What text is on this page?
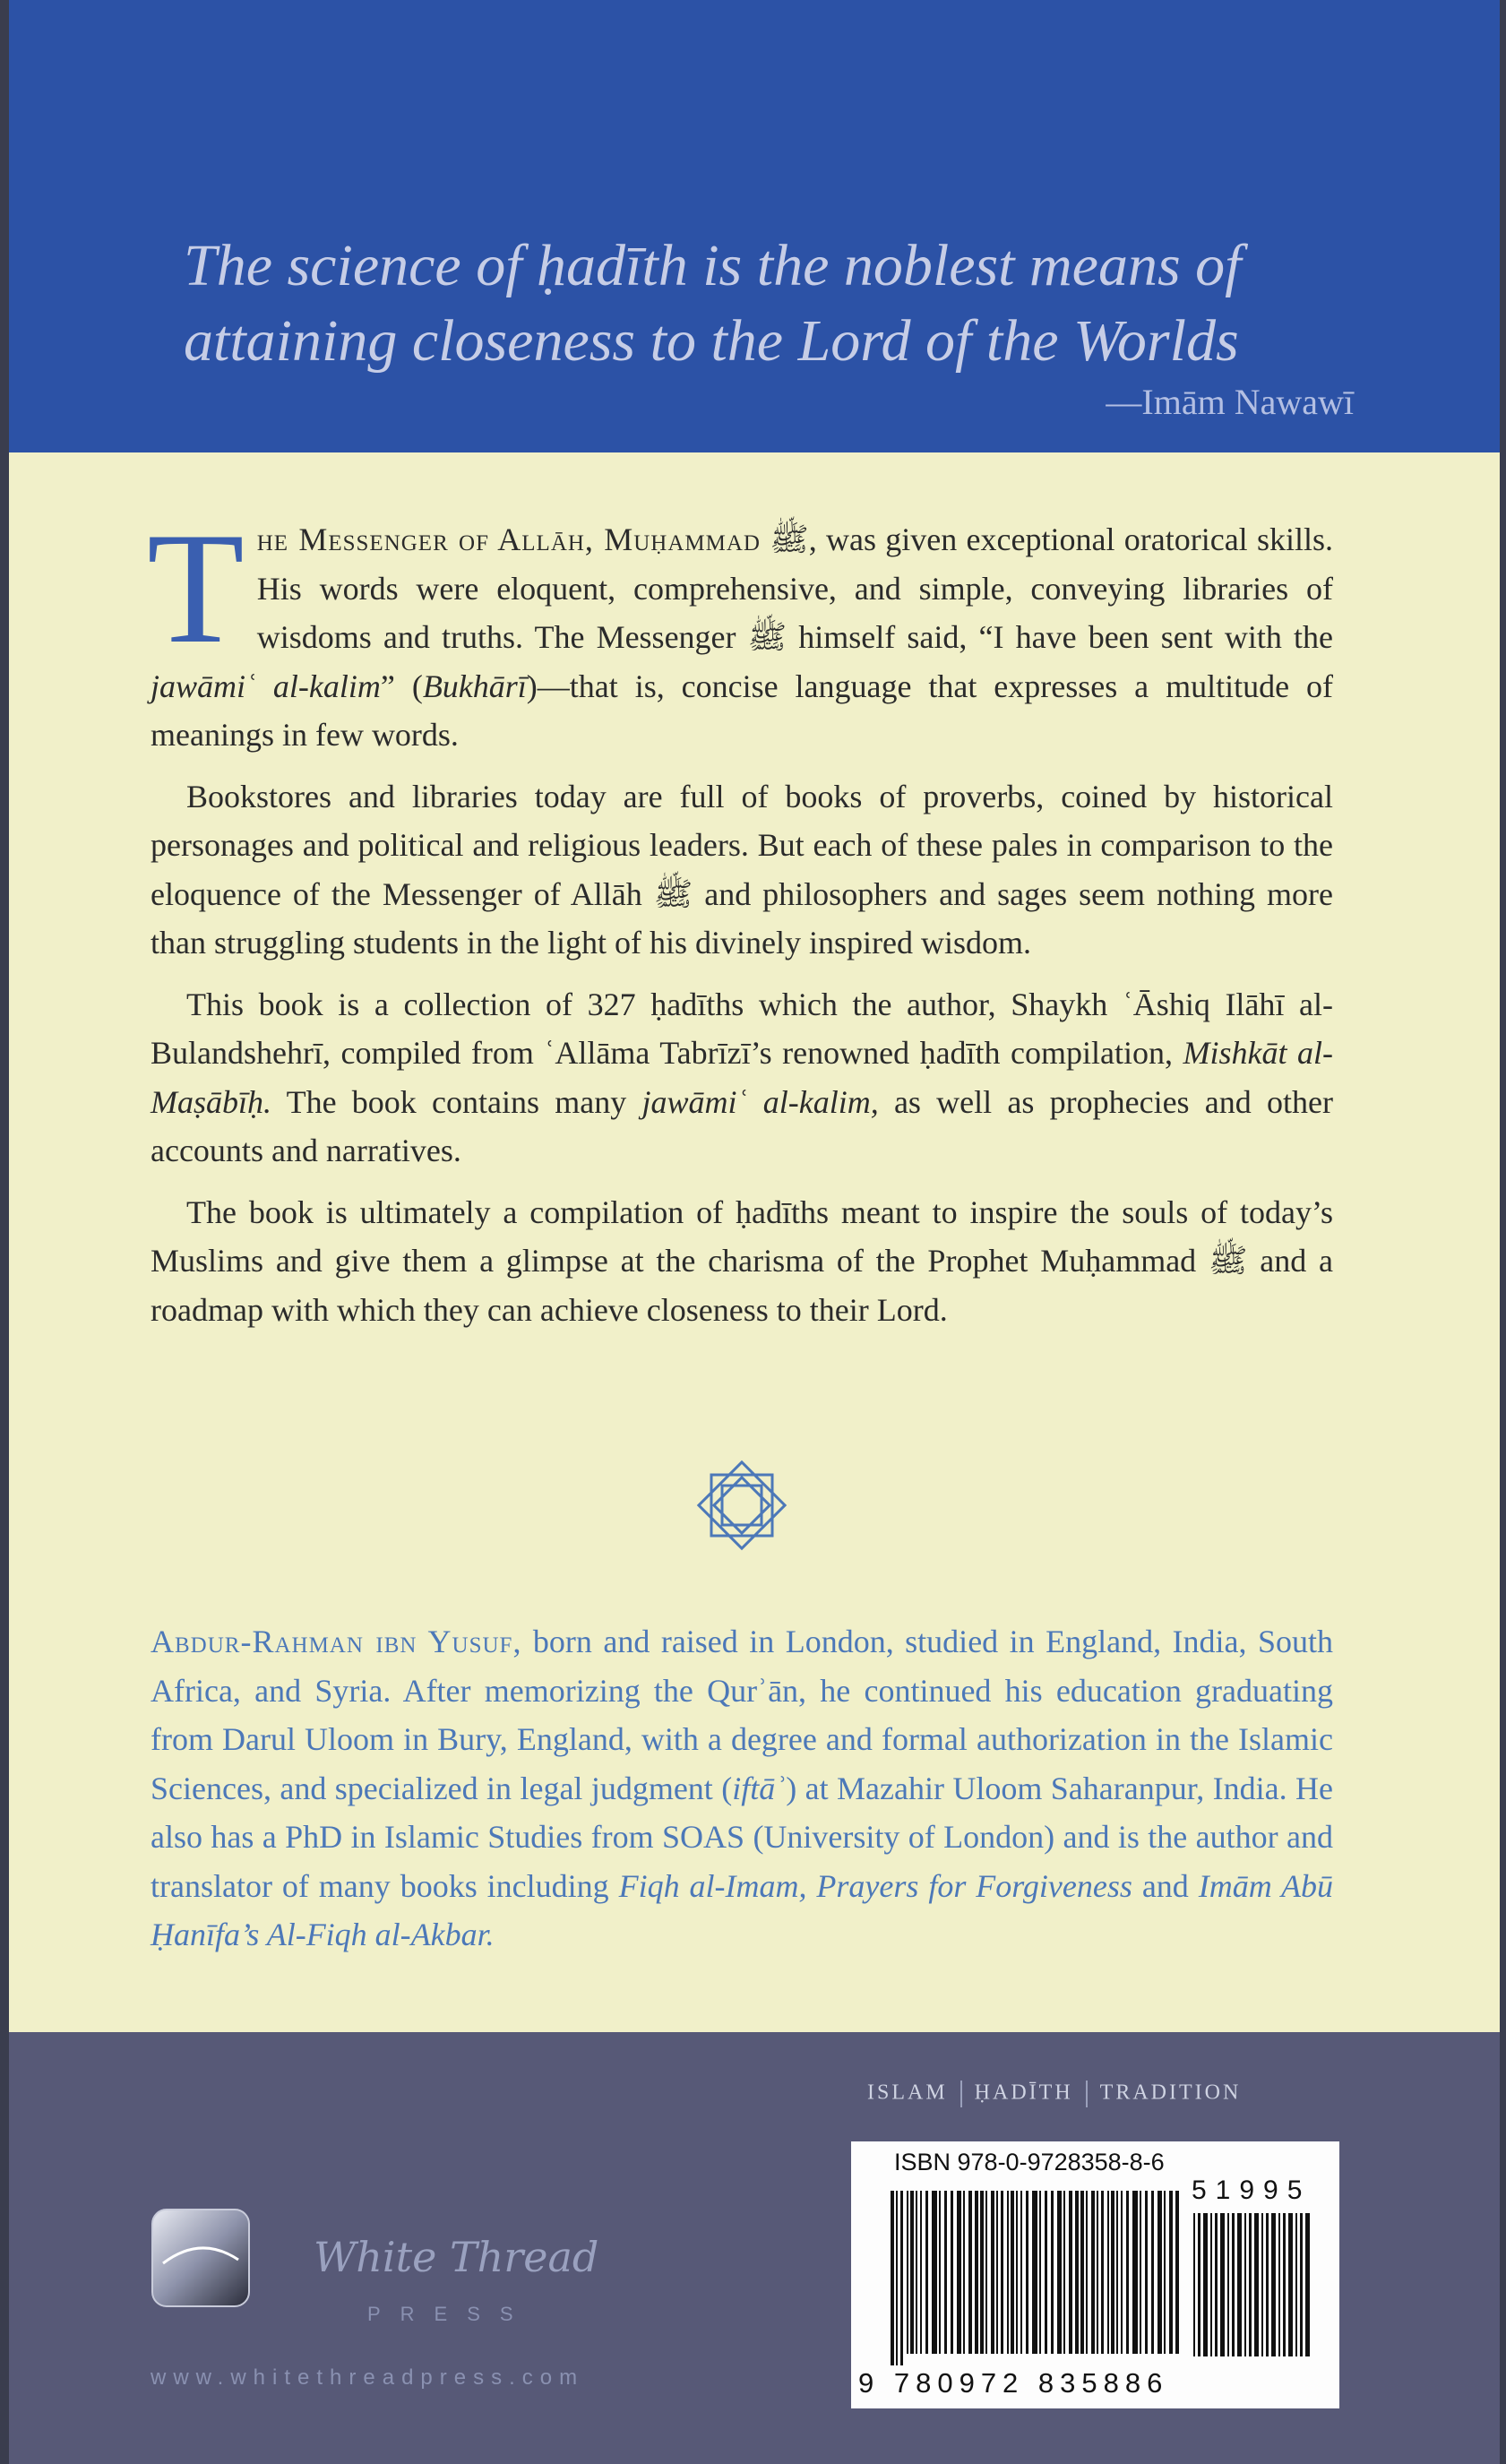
The science of ḥadīth is the noblest means of
attaining closeness to the Lord of the Worlds
—Imām Nawawī

The Messenger of Allāh, Muḥammad ﷺ, was given exceptional oratorical skills. His words were eloquent, comprehensive, and simple, conveying libraries of wisdoms and truths. The Messenger ﷺ himself said, “I have been sent with the jawāmiʿ al-kalim” (Bukhārī)—that is, concise language that expresses a multitude of meanings in few words.

Bookstores and libraries today are full of books of proverbs, coined by historical personages and political and religious leaders. But each of these pales in comparison to the eloquence of the Messenger of Allāh ﷺ and philosophers and sages seem nothing more than struggling students in the light of his divinely inspired wisdom.

This book is a collection of 327 ḥadīths which the author, Shaykh ʿĀshiq Ilāhī al-Bulandshehrī, compiled from ʿAllāma Tabrīzī’s renowned ḥadīth compilation, Mishkāt al-Maṣābīḥ. The book contains many jawāmiʿ al-kalim, as well as prophecies and other accounts and narratives.

The book is ultimately a compilation of ḥadīths meant to inspire the souls of today’s Muslims and give them a glimpse at the charisma of the Prophet Muḥammad ﷺ and a roadmap with which they can achieve closeness to their Lord.

Abdur-Rahman ibn Yusuf, born and raised in London, studied in England, India, South Africa, and Syria. After memorizing the Qurʾān, he continued his education graduating from Darul Uloom in Bury, England, with a degree and formal authorization in the Islamic Sciences, and specialized in legal judgment (iftāʾ) at Mazahir Uloom Saharanpur, India. He also has a PhD in Islamic Studies from SOAS (University of London) and is the author and translator of many books including Fiqh al-Imam, Prayers for Forgiveness and Imām Abū Ḥanīfa’s Al-Fiqh al-Akbar.

ISLAM ḤADĪTH TRADITION
ISBN 978-0-9728358-8-6
51995
9 780972 835886
White Thread
PRESS
www.whitethreadpress.com
